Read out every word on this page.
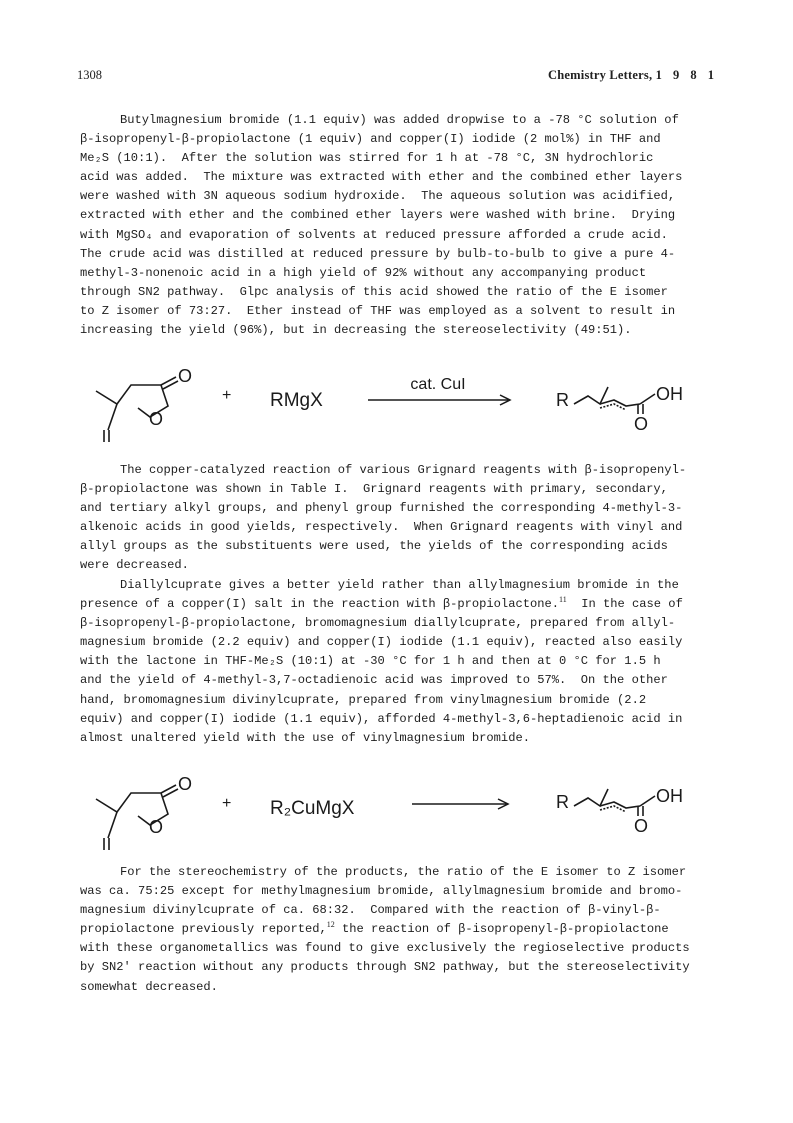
1308	Chemistry Letters, 1 9 8 1

Butylmagnesium bromide (1.1 equiv) was added dropwise to a -78 °C solution of
β-isopropenyl-β-propiolactone (1 equiv) and copper(I) iodide (2 mol%) in THF and
Me₂S (10:1).  After the solution was stirred for 1 h at -78 °C, 3N hydrochloric
acid was added.  The mixture was extracted with ether and the combined ether layers
were washed with 3N aqueous sodium hydroxide.  The aqueous solution was acidified,
extracted with ether and the combined ether layers were washed with brine.  Drying
with MgSO₄ and evaporation of solvents at reduced pressure afforded a crude acid.
The crude acid was distilled at reduced pressure by bulb-to-bulb to give a pure 4-
methyl-3-nonenoic acid in a high yield of 92% without any accompanying product
through SN2 pathway.  Glpc analysis of this acid showed the ratio of the E isomer
to Z isomer of 73:27.  Ether instead of THF was employed as a solvent to result in
increasing the yield (96%), but in decreasing the stereoselectivity (49:51).

O
O
+ RMgX
cat. CuI
R	OH
O

The copper-catalyzed reaction of various Grignard reagents with β-isopropenyl-
β-propiolactone was shown in Table I.  Grignard reagents with primary, secondary,
and tertiary alkyl groups, and phenyl group furnished the corresponding 4-methyl-3-
alkenoic acids in good yields, respectively.  When Grignard reagents with vinyl and
allyl groups as the substituents were used, the yields of the corresponding acids
were decreased.

Diallylcuprate gives a better yield rather than allylmagnesium bromide in the
presence of a copper(I) salt in the reaction with β-propiolactone.$^{11}$  In the case of
β-isopropenyl-β-propiolactone, bromomagnesium diallylcuprate, prepared from allyl-
magnesium bromide (2.2 equiv) and copper(I) iodide (1.1 equiv), reacted also easily
with the lactone in THF-Me₂S (10:1) at -30 °C for 1 h and then at 0 °C for 1.5 h
and the yield of 4-methyl-3,7-octadienoic acid was improved to 57%.  On the other
hand, bromomagnesium divinylcuprate, prepared from vinylmagnesium bromide (2.2
equiv) and copper(I) iodide (1.1 equiv), afforded 4-methyl-3,6-heptadienoic acid in
almost unaltered yield with the use of vinylmagnesium bromide.

O
O
+ R₂CuMgX	R	OH
O

For the stereochemistry of the products, the ratio of the E isomer to Z isomer
was ca. 75:25 except for methylmagnesium bromide, allylmagnesium bromide and bromo-
magnesium divinylcuprate of ca. 68:32.  Compared with the reaction of β-vinyl-β-
propiolactone previously reported,$^{12}$ the reaction of β-isopropenyl-β-propiolactone
with these organometallics was found to give exclusively the regioselective products
by SN2' reaction without any products through SN2 pathway, but the stereoselectivity
somewhat decreased.
